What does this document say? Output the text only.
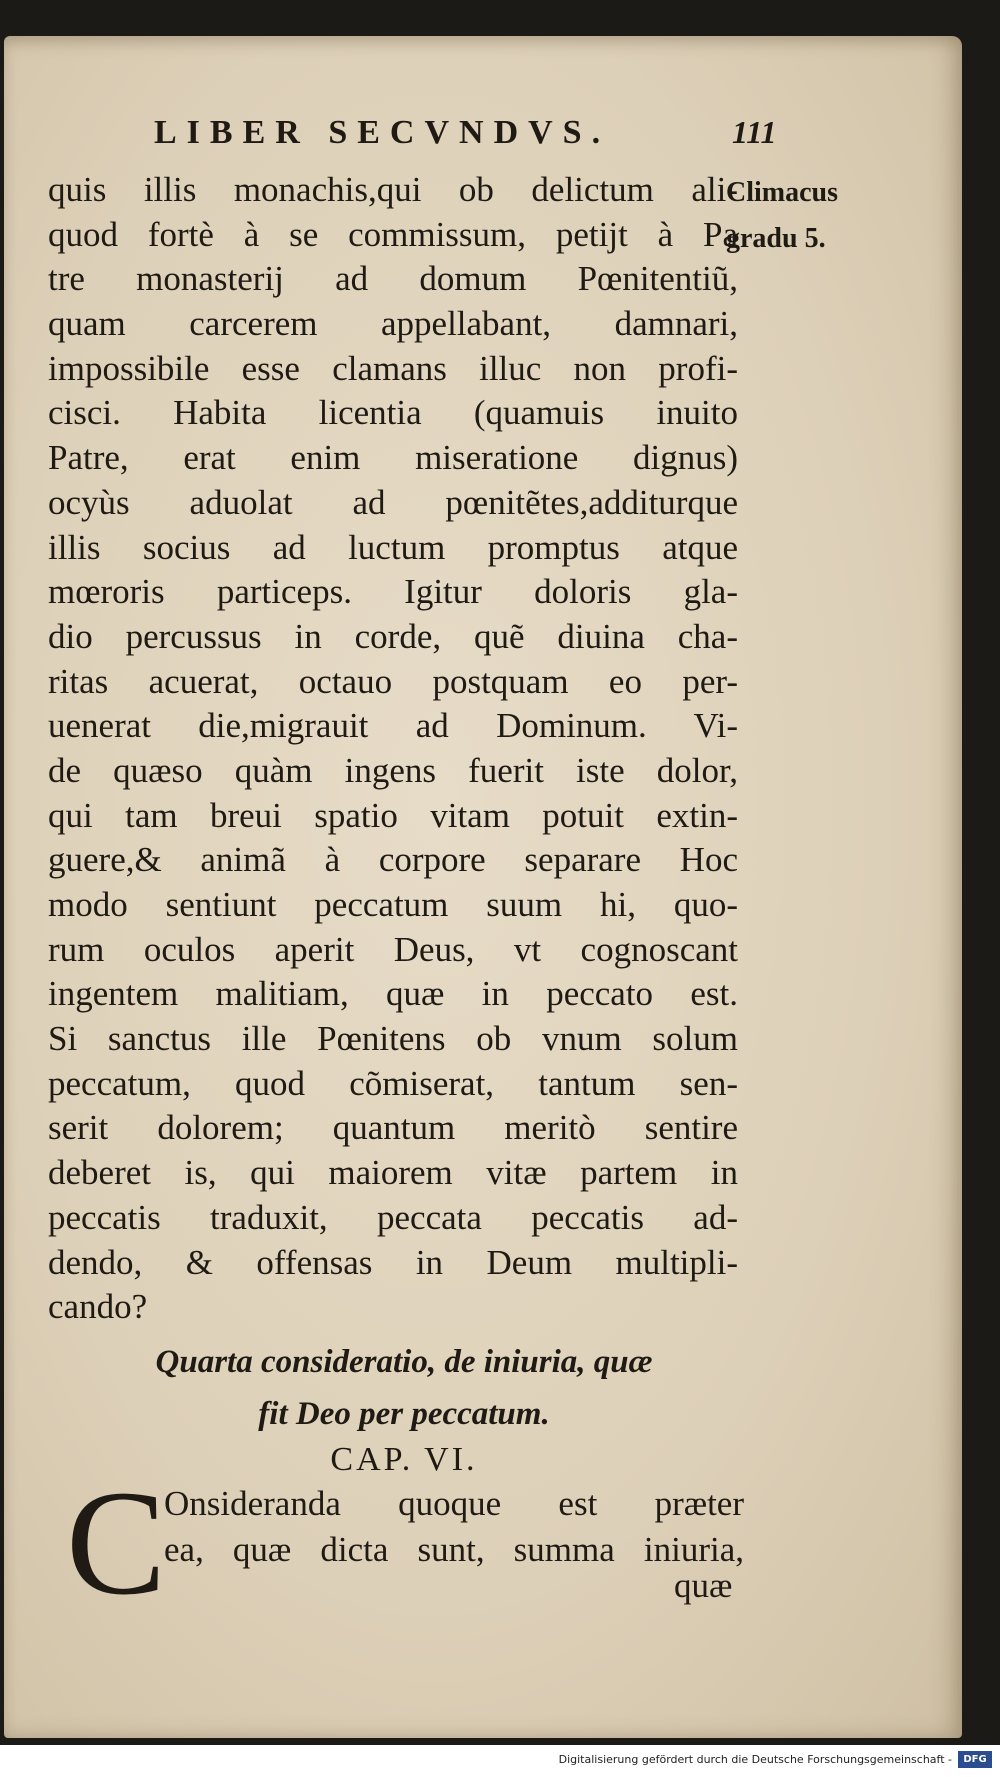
LIBER SECVNDVS.	111
Climacus
gradu 5.
quis illis monachis,qui ob delictum ali-
quod fortè à se commissum, petijt à Pa
tre monasterij ad domum Pœnitentiũ,
quam carcerem appellabant, damnari,
impossibile esse clamans illuc non profi-
cisci. Habita licentia (quamuis inuito
Patre, erat enim miseratione dignus)
ocyùs aduolat ad pœnitẽtes,additurque
illis socius ad luctum promptus atque
mœroris particeps. Igitur doloris gla-
dio percussus in corde, quẽ diuina cha-
ritas acuerat, octauo postquam eo per-
uenerat die,migrauit ad Dominum. Vi-
de quæso quàm ingens fuerit iste dolor,
qui tam breui spatio vitam potuit extin-
guere,& animã à corpore separare Hoc
modo sentiunt peccatum suum hi, quo-
rum oculos aperit Deus, vt cognoscant
ingentem malitiam, quæ in peccato est.
Si sanctus ille Pœnitens ob vnum solum
peccatum, quod cõmiserat, tantum sen-
serit dolorem; quantum meritò sentire
deberet is, qui maiorem vitæ partem in
peccatis traduxit, peccata peccatis ad-
dendo, & offensas in Deum multipli-
cando?
Quarta consideratio, de iniuria, quæ
fit Deo per peccatum.
CAP. VI.
C
Onsideranda quoque est præter
ea, quæ dicta sunt, summa iniuria,
quæ
Digitalisierung gefördert durch die Deutsche Forschungsgemeinschaft -	DFG
